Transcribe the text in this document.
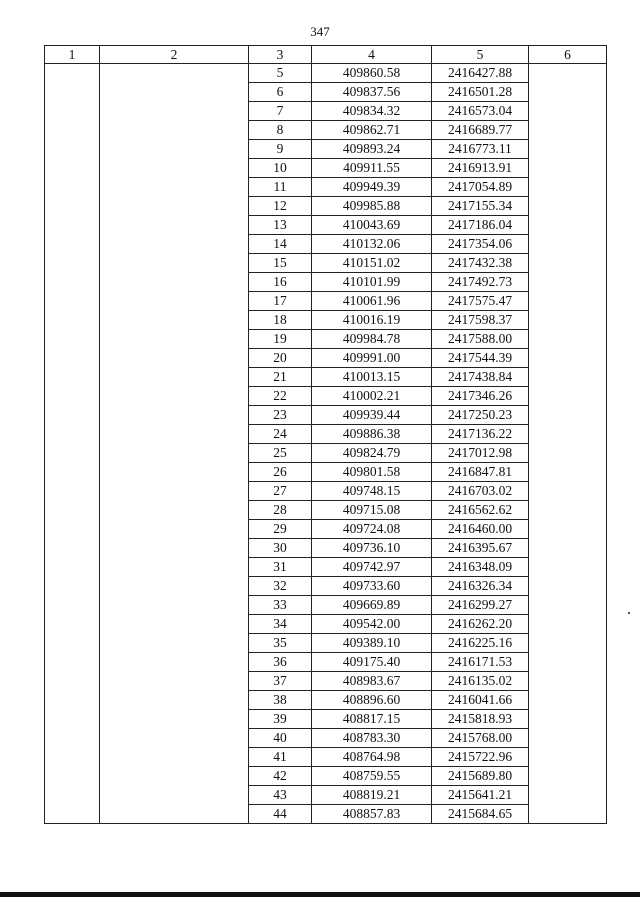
347
1	2	3	4	5	6
		5	409860.58	2416427.88	
		6	409837.56	2416501.28	
		7	409834.32	2416573.04	
		8	409862.71	2416689.77	
		9	409893.24	2416773.11	
		10	409911.55	2416913.91	
		11	409949.39	2417054.89	
		12	409985.88	2417155.34	
		13	410043.69	2417186.04	
		14	410132.06	2417354.06	
		15	410151.02	2417432.38	
		16	410101.99	2417492.73	
		17	410061.96	2417575.47	
		18	410016.19	2417598.37	
		19	409984.78	2417588.00	
		20	409991.00	2417544.39	
		21	410013.15	2417438.84	
		22	410002.21	2417346.26	
		23	409939.44	2417250.23	
		24	409886.38	2417136.22	
		25	409824.79	2417012.98	
		26	409801.58	2416847.81	
		27	409748.15	2416703.02	
		28	409715.08	2416562.62	
		29	409724.08	2416460.00	
		30	409736.10	2416395.67	
		31	409742.97	2416348.09	
		32	409733.60	2416326.34	
		33	409669.89	2416299.27	
		34	409542.00	2416262.20	
		35	409389.10	2416225.16	
		36	409175.40	2416171.53	
		37	408983.67	2416135.02	
		38	408896.60	2416041.66	
		39	408817.15	2415818.93	
		40	408783.30	2415768.00	
		41	408764.98	2415722.96	
		42	408759.55	2415689.80	
		43	408819.21	2415641.21	
		44	408857.83	2415684.65	
